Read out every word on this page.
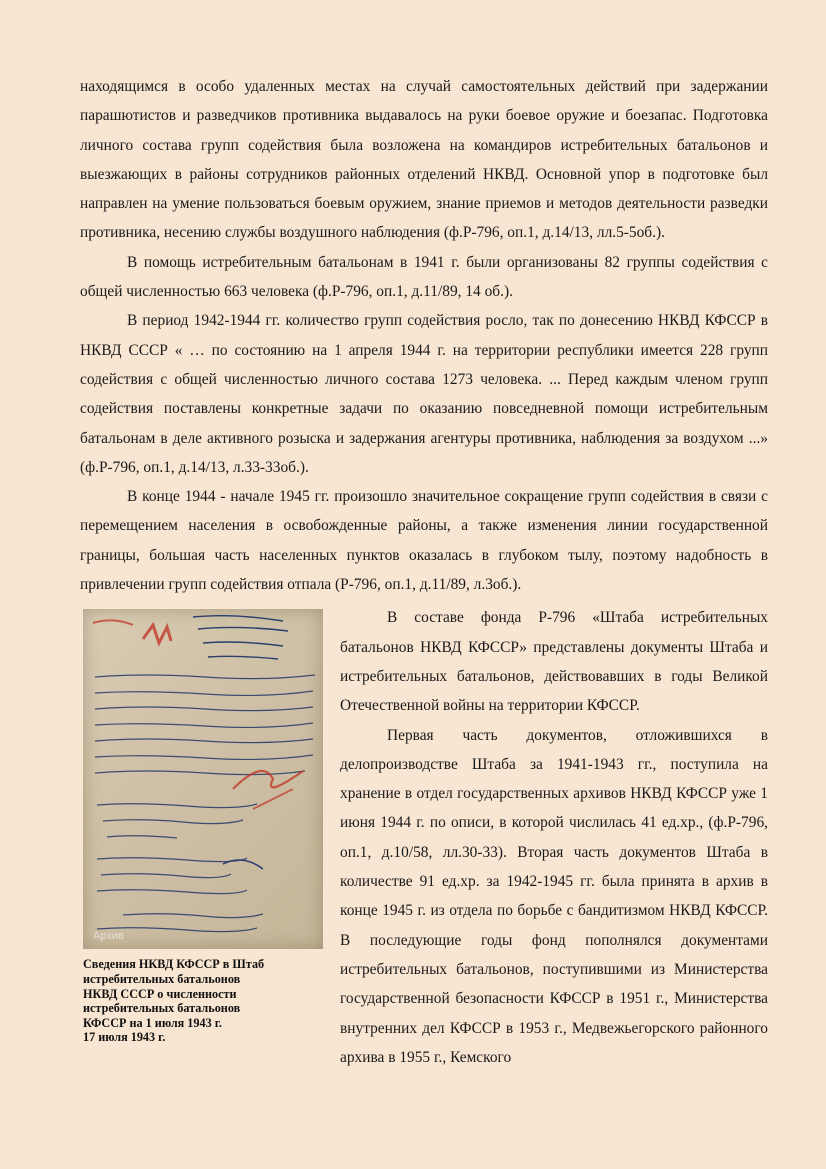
находящимся в особо удаленных местах на случай самостоятельных действий при задержании парашютистов и разведчиков противника выдавалось на руки боевое оружие и боезапас. Подготовка личного состава групп содействия была возложена на командиров истребительных батальонов и выезжающих в районы сотрудников районных отделений НКВД. Основной упор в подготовке был направлен на умение пользоваться боевым оружием, знание приемов и методов деятельности разведки противника, несению службы воздушного наблюдения (ф.Р-796, оп.1, д.14/13, лл.5-5об.).

В помощь истребительным батальонам в 1941 г. были организованы 82 группы содействия с общей численностью 663 человека (ф.Р-796, оп.1, д.11/89, 14 об.).

В период 1942-1944 гг. количество групп содействия росло, так по донесению НКВД КФССР в НКВД СССР « … по состоянию на 1 апреля 1944 г. на территории республики имеется 228 групп содействия с общей численностью личного состава 1273 человека. ... Перед каждым членом групп содействия поставлены конкретные задачи по оказанию повседневной помощи истребительным батальонам в деле активного розыска и задержания агентуры противника, наблюдения за воздухом ...» (ф.Р-796, оп.1, д.14/13, л.33-33об.).

В конце 1944 - начале 1945 гг. произошло значительное сокращение групп содействия в связи с перемещением населения в освобожденные районы, а также изменения линии государственной границы, большая часть населенных пунктов оказалась в глубоком тылу, поэтому надобность в привлечении групп содействия отпала (Р-796, оп.1, д.11/89, л.3об.).

Архив
Сведения НКВД КФССР в Штаб
истребительных батальонов
НКВД СССР о численности
истребительных батальонов
КФССР на 1 июля 1943 г.
17 июля 1943 г.

В составе фонда Р-796 «Штаба истребительных батальонов НКВД КФССР» представлены документы Штаба и истребительных батальонов, действовавших в годы Великой Отечественной войны на территории КФССР.

Первая часть документов, отложившихся в делопроизводстве Штаба за 1941-1943 гг., поступила на хранение в отдел государственных архивов НКВД КФССР уже 1 июня 1944 г. по описи, в которой числилась 41 ед.хр., (ф.Р-796, оп.1, д.10/58, лл.30-33). Вторая часть документов Штаба в количестве 91 ед.хр. за 1942-1945 гг. была принята в архив в конце 1945 г. из отдела по борьбе с бандитизмом НКВД КФССР. В последующие годы фонд пополнялся документами истребительных батальонов, поступившими из Министерства государственной безопасности КФССР в 1951 г., Министерства внутренних дел КФССР в 1953 г., Медвежьегорского районного архива в 1955 г., Кемского
